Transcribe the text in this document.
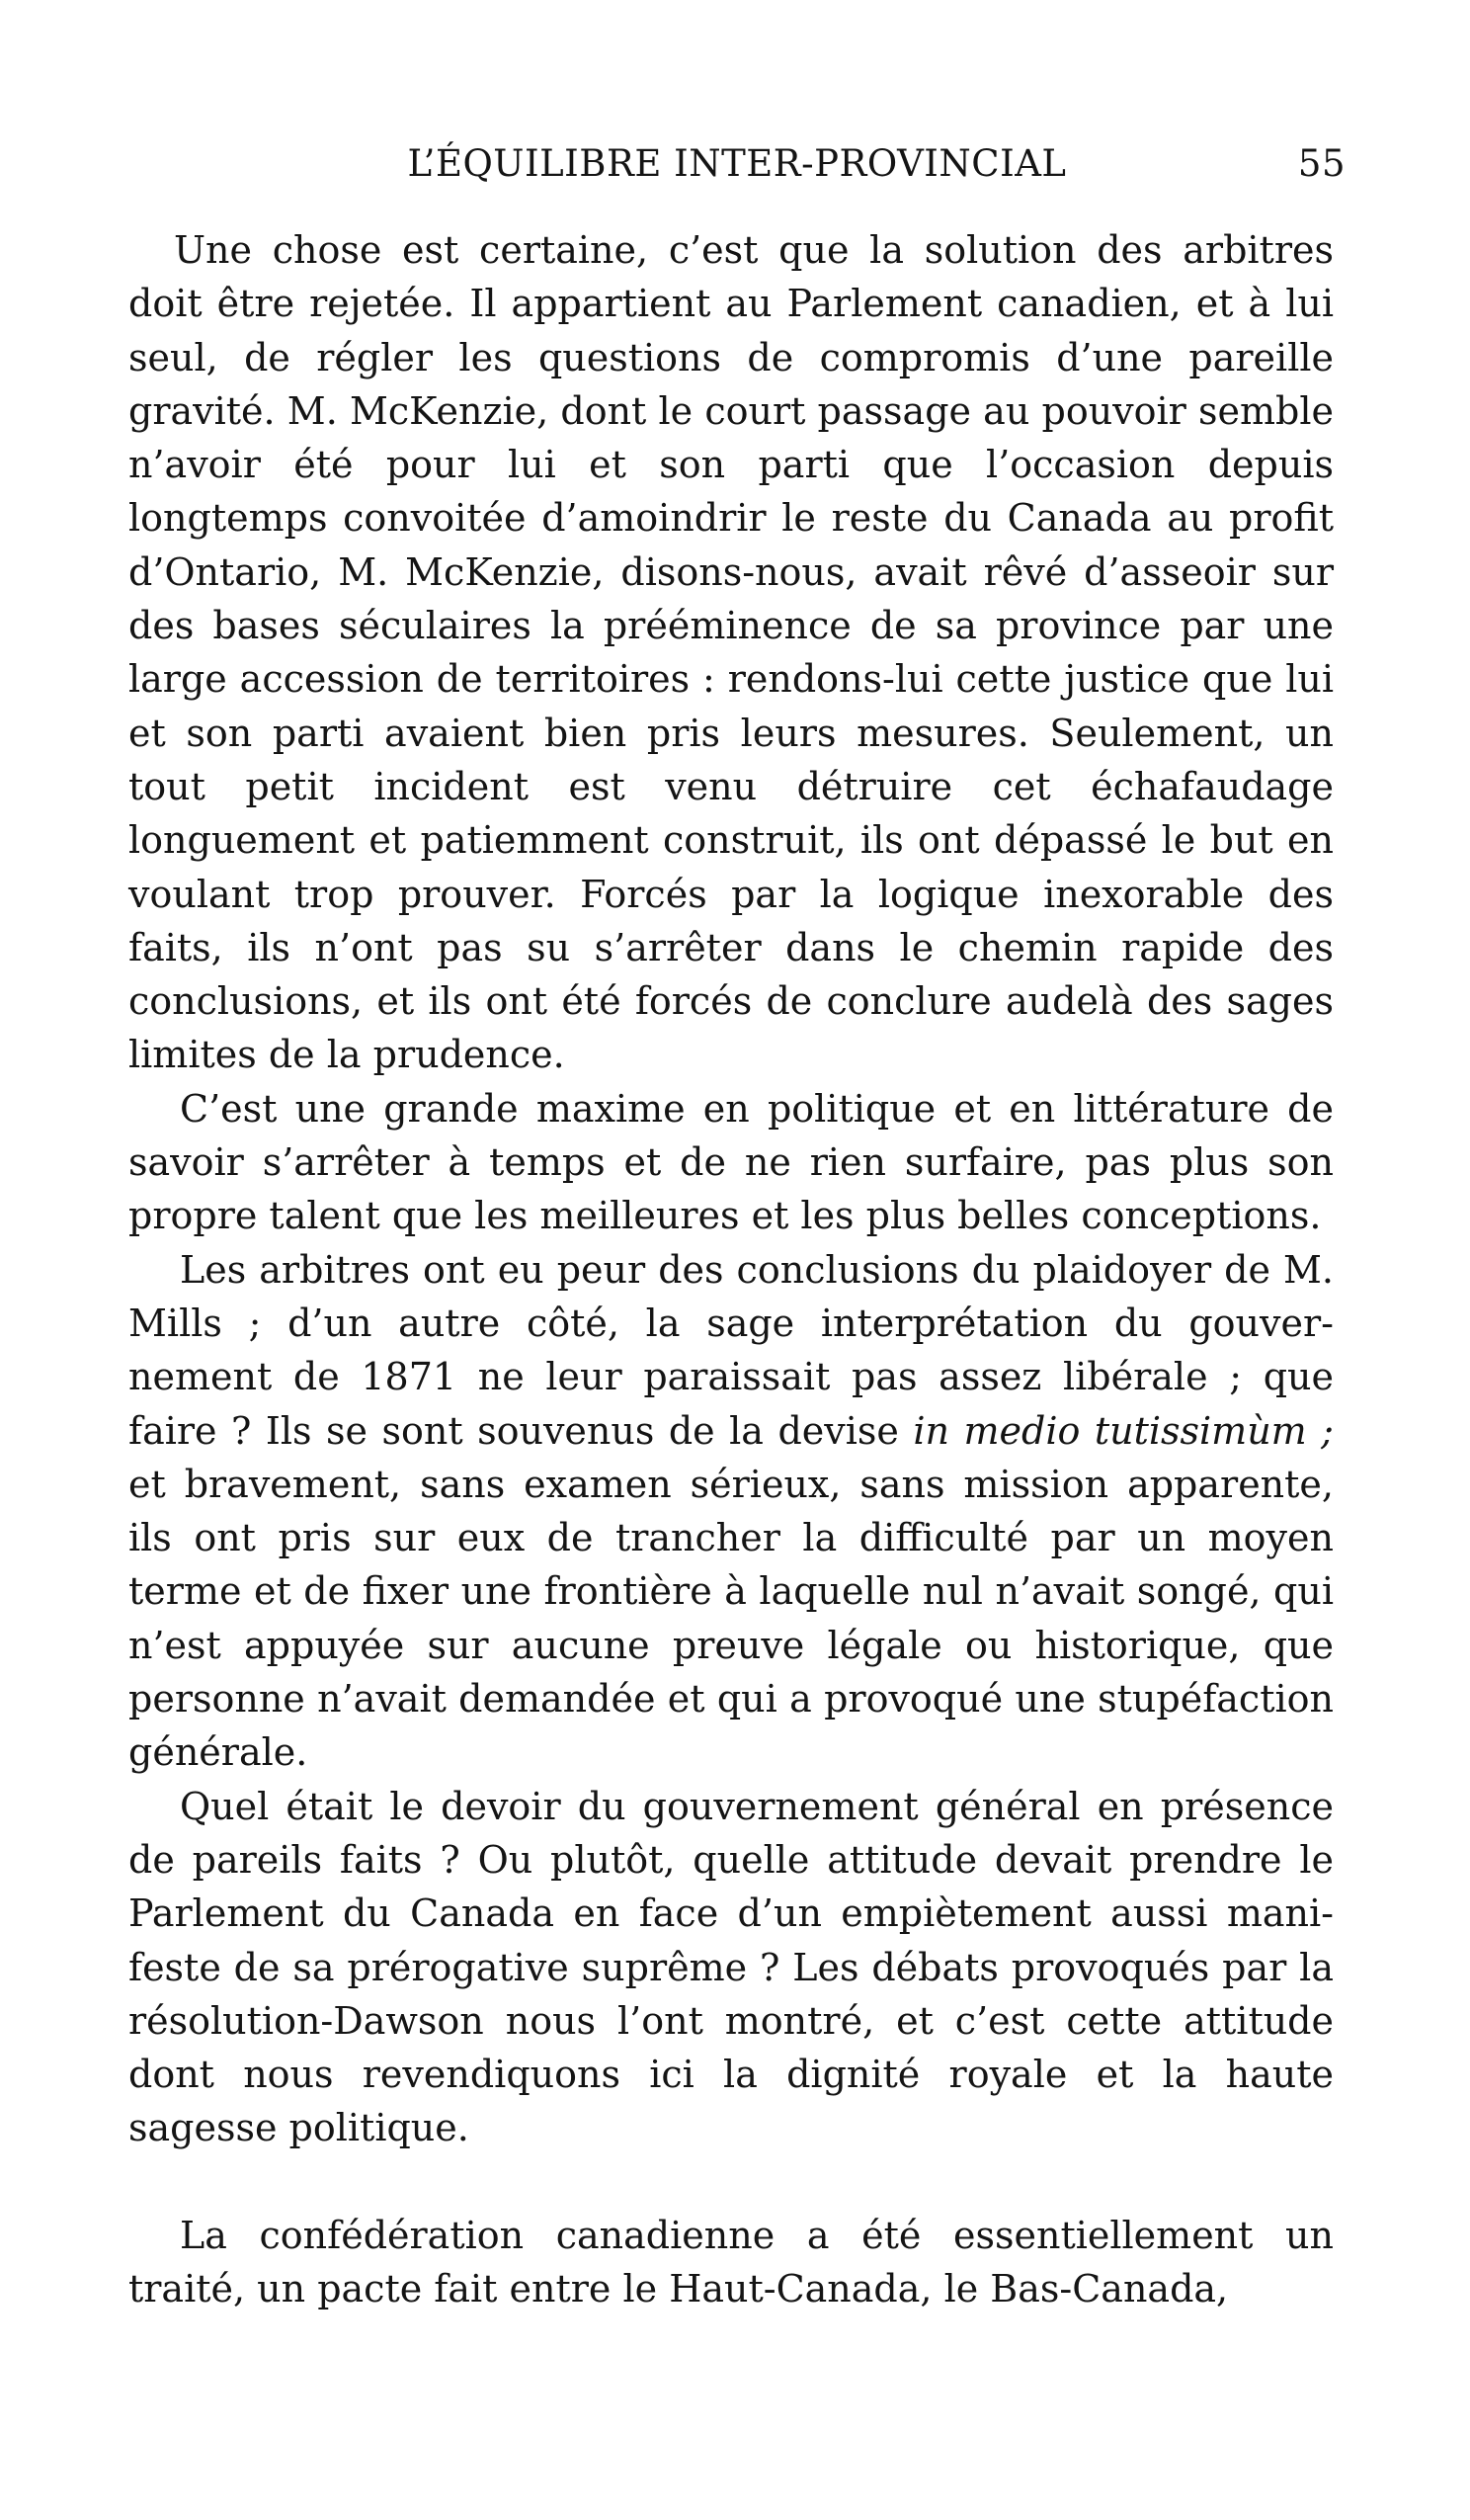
L’ÉQUILIBRE INTER-PROVINCIAL	55

Une chose est certaine, c’est que la solution des arbitres doit être rejetée. Il appartient au Parlement canadien, et à lui seul, de régler les questions de compromis d’une pareille gravité. M. McKenzie, dont le court passage au pouvoir semble n’avoir été pour lui et son parti que l’occasion depuis longtemps convoitée d’amoindrir le reste du Canada au profit d’Ontario, M. McKenzie, disons-nous, avait rêvé d’asseoir sur des bases séculaires la prééminence de sa province par une large accession de territoires : rendons-lui cette justice que lui et son parti avaient bien pris leurs mesures. Seulement, un tout petit incident est venu détruire cet échafaudage longuement et patiemment construit, ils ont dépassé le but en voulant trop prouver. Forcés par la logique inexorable des faits, ils n’ont pas su s’arrêter dans le chemin rapide des conclusions, et ils ont été forcés de conclure audelà des sages limites de la prudence.

C’est une grande maxime en politique et en littérature de savoir s’arrêter à temps et de ne rien surfaire, pas plus son propre talent que les meilleures et les plus belles conceptions.

Les arbitres ont eu peur des conclusions du plaidoyer de M. Mills ; d’un autre côté, la sage interprétation du gouvernement de 1871 ne leur paraissait pas assez libérale ; que faire ? Ils se sont souvenus de la devise in medio tutissimùm ; et bravement, sans examen sérieux, sans mission apparente, ils ont pris sur eux de trancher la difficulté par un moyen terme et de fixer une frontière à laquelle nul n’avait songé, qui n’est appuyée sur aucune preuve légale ou historique, que personne n’avait demandée et qui a provoqué une stupéfaction générale.

Quel était le devoir du gouvernement général en présence de pareils faits ? Ou plutôt, quelle attitude devait prendre le Parlement du Canada en face d’un empiètement aussi manifeste de sa prérogative suprême ? Les débats provoqués par la résolution-Dawson nous l’ont montré, et c’est cette attitude dont nous revendiquons ici la dignité royale et la haute sagesse politique.

La confédération canadienne a été essentiellement un traité, un pacte fait entre le Haut-Canada, le Bas-Canada,
